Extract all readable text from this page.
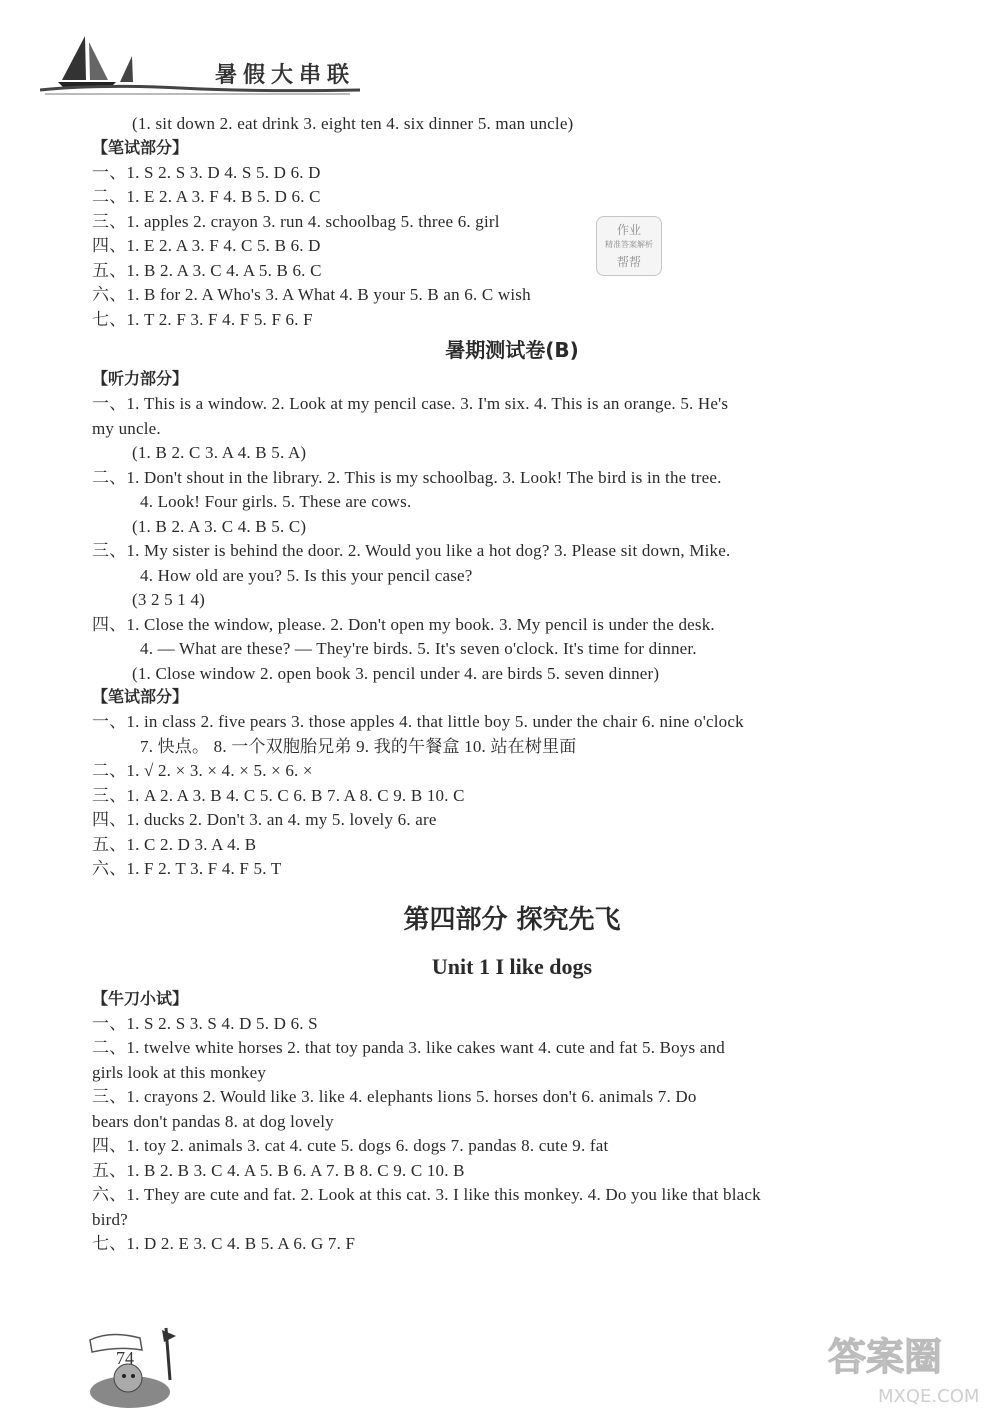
暑假大串联
(1. sit down 2. eat drink 3. eight ten 4. six dinner 5. man uncle)
【笔试部分】
一、1. S 2. S 3. D 4. S 5. D 6. D
二、1. E 2. A 3. F 4. B 5. D 6. C
三、1. apples 2. crayon 3. run 4. schoolbag 5. three 6. girl
四、1. E 2. A 3. F 4. C 5. B 6. D
五、1. B 2. A 3. C 4. A 5. B 6. C
六、1. B for 2. A Who's 3. A What 4. B your 5. B an 6. C wish
七、1. T 2. F 3. F 4. F 5. F 6. F
暑期测试卷(B)
【听力部分】
一、1. This is a window. 2. Look at my pencil case. 3. I'm six. 4. This is an orange. 5. He's
my uncle.
(1. B 2. C 3. A 4. B 5. A)
二、1. Don't shout in the library. 2. This is my schoolbag. 3. Look! The bird is in the tree.
4. Look! Four girls. 5. These are cows.
(1. B 2. A 3. C 4. B 5. C)
三、1. My sister is behind the door. 2. Would you like a hot dog? 3. Please sit down, Mike.
4. How old are you? 5. Is this your pencil case?
(3 2 5 1 4)
四、1. Close the window, please. 2. Don't open my book. 3. My pencil is under the desk.
4. — What are these? — They're birds. 5. It's seven o'clock. It's time for dinner.
(1. Close window 2. open book 3. pencil under 4. are birds 5. seven dinner)
【笔试部分】
一、1. in class 2. five pears 3. those apples 4. that little boy 5. under the chair 6. nine o'clock
7. 快点。 8. 一个双胞胎兄弟 9. 我的午餐盒 10. 站在树里面
二、1. √ 2. × 3. × 4. × 5. × 6. ×
三、1. A 2. A 3. B 4. C 5. C 6. B 7. A 8. C 9. B 10. C
四、1. ducks 2. Don't 3. an 4. my 5. lovely 6. are
五、1. C 2. D 3. A 4. B
六、1. F 2. T 3. F 4. F 5. T
第四部分 探究先飞
Unit 1 I like dogs
【牛刀小试】
一、1. S 2. S 3. S 4. D 5. D 6. S
二、1. twelve white horses 2. that toy panda 3. like cakes want 4. cute and fat 5. Boys and
girls look at this monkey
三、1. crayons 2. Would like 3. like 4. elephants lions 5. horses don't 6. animals 7. Do
bears don't pandas 8. at dog lovely
四、1. toy 2. animals 3. cat 4. cute 5. dogs 6. dogs 7. pandas 8. cute 9. fat
五、1. B 2. B 3. C 4. A 5. B 6. A 7. B 8. C 9. C 10. B
六、1. They are cute and fat. 2. Look at this cat. 3. I like this monkey. 4. Do you like that black
bird?
七、1. D 2. E 3. C 4. B 5. A 6. G 7. F
作业
精准答案解析
帮帮
74	答案圈
MXQE.COM
